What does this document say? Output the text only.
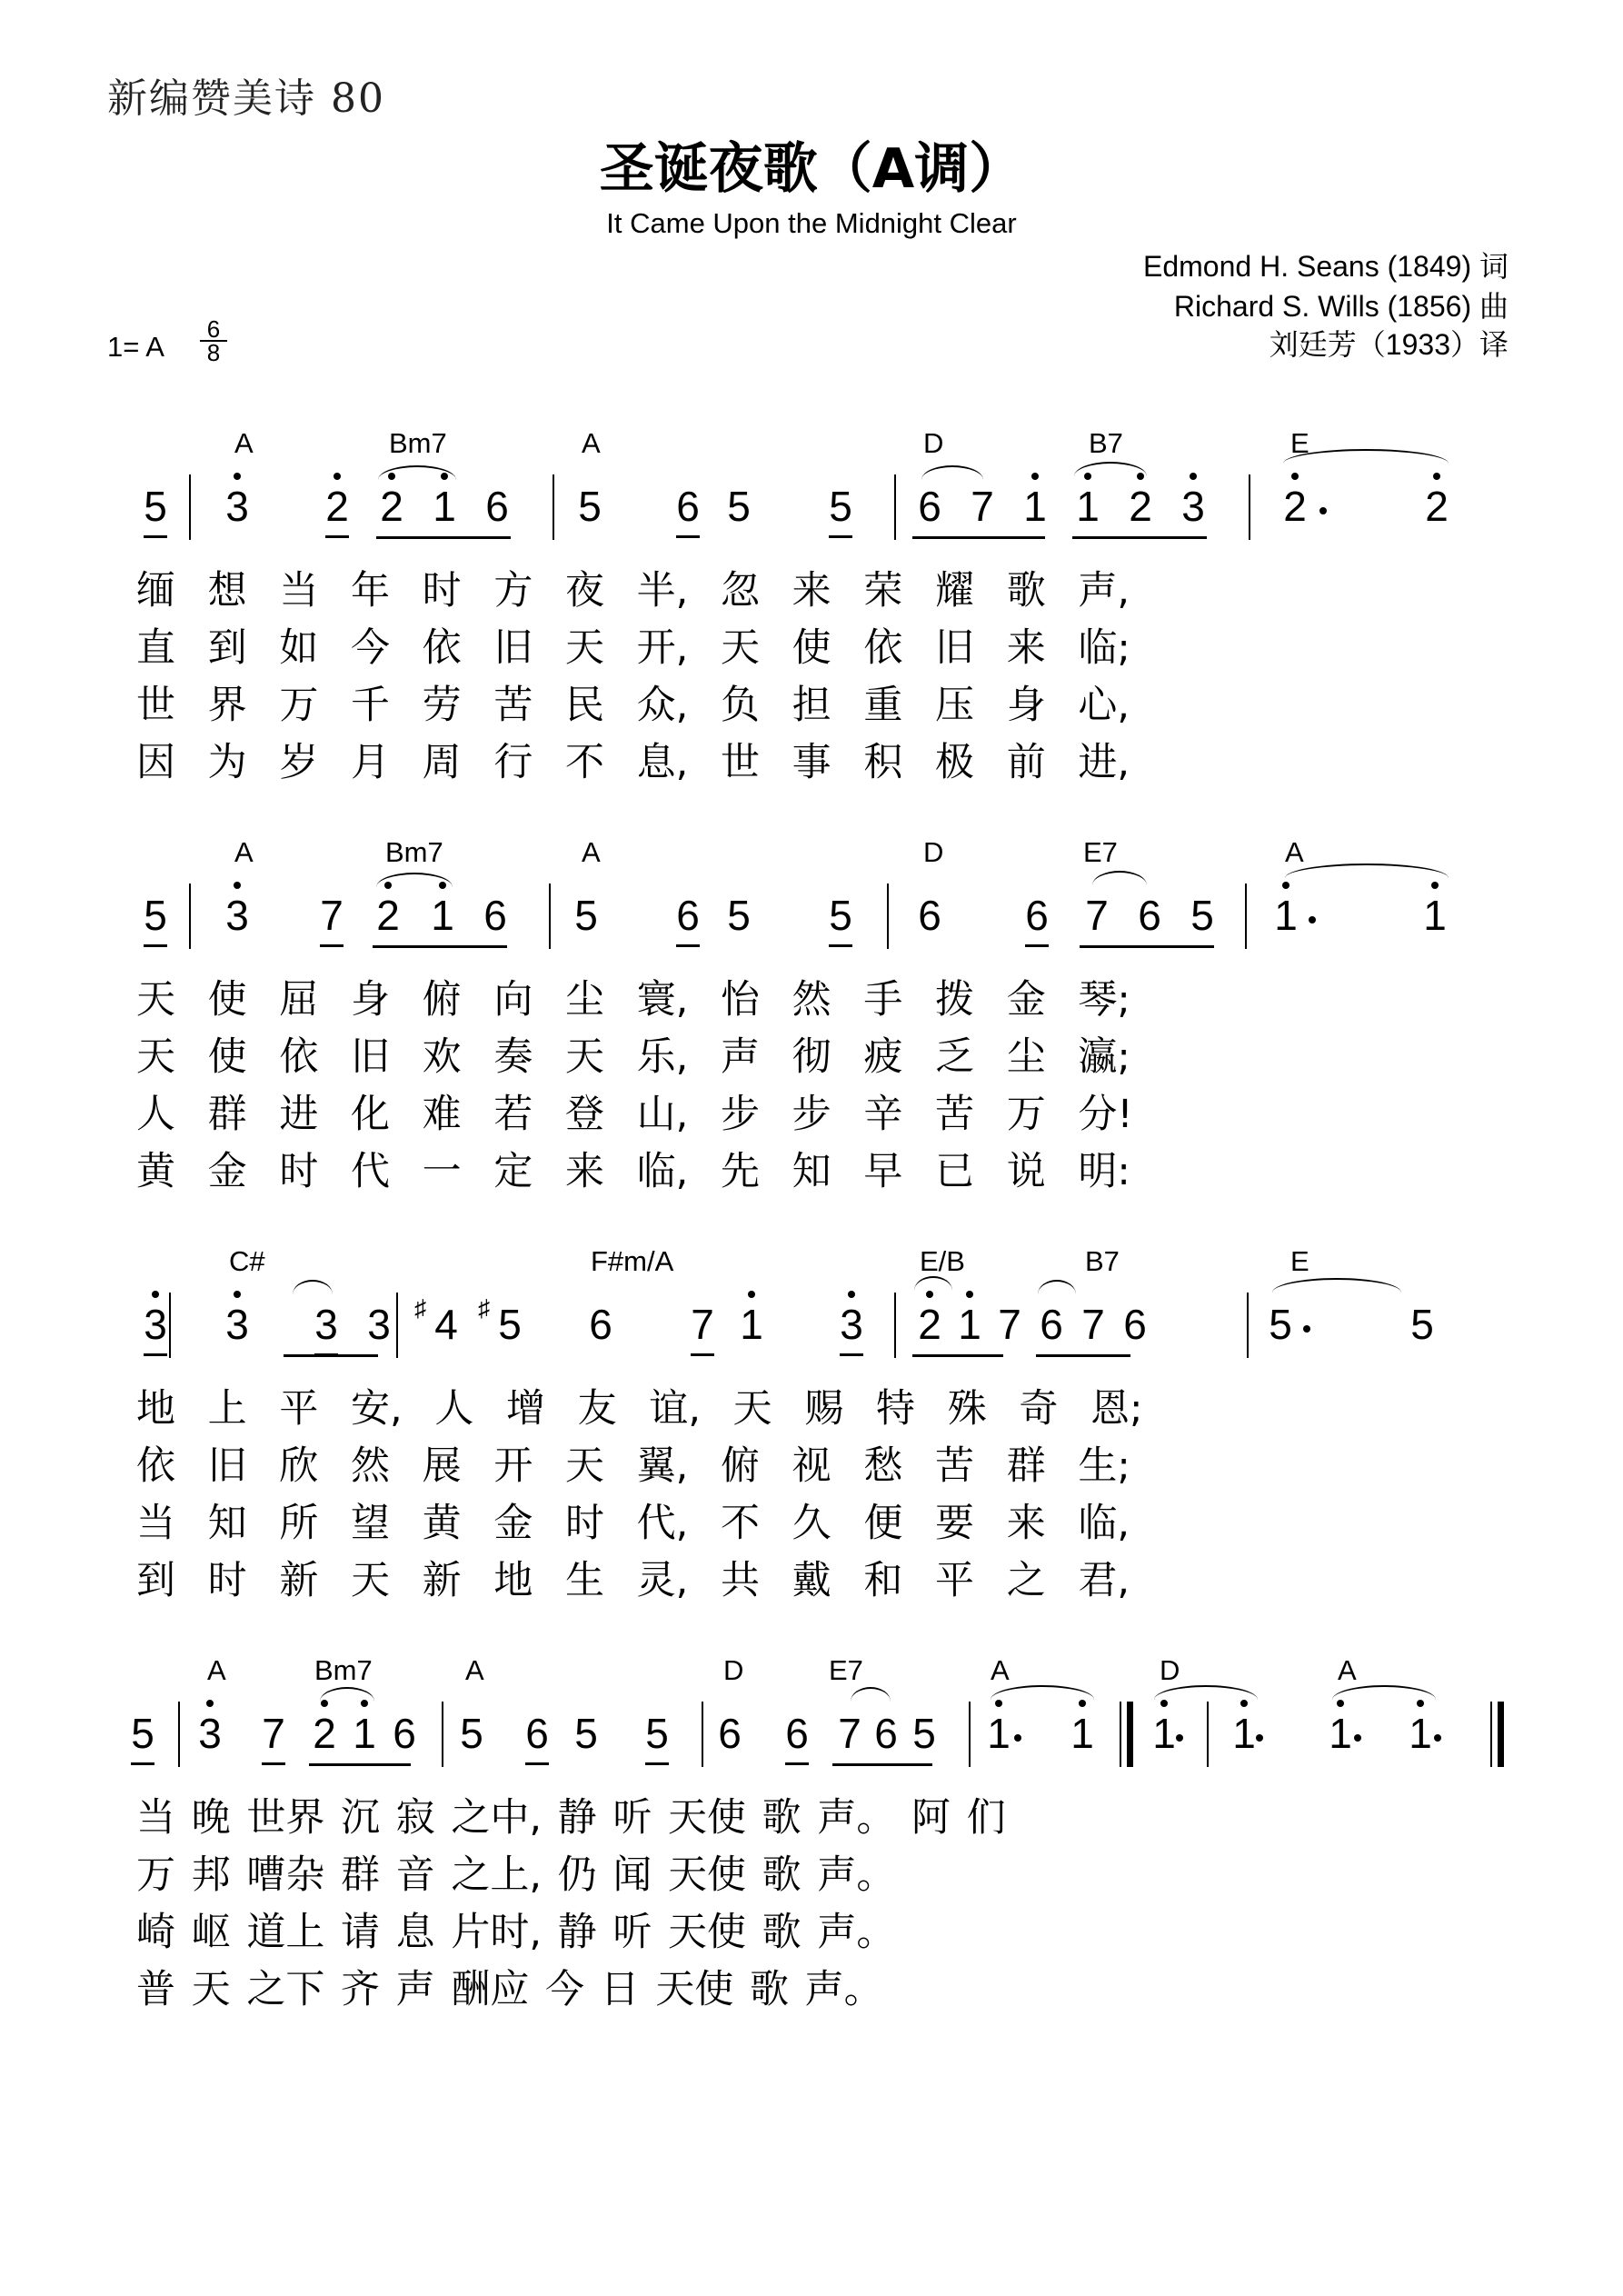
新编赞美诗 80
圣诞夜歌（A调）
It Came Upon the Midnight Clear
Edmond H. Seans (1849) 词
Richard S. Wills (1856) 曲
刘廷芳（1933）译
1= A $\frac{6}{8}$
A	Bm7	A	D	B7	E
5 3 2 2 1 6 5 6 5 5 6 7 1 1 2 3 2	2
缅 想 当 年 时 方 夜 半, 忽 来 荣 耀 歌 声,
直 到 如 今 依 旧 天 开, 天 使 依 旧 来 临;
世 界 万 千 劳 苦 民 众, 负 担 重 压 身 心,
因 为 岁 月 周 行 不 息, 世 事 积 极 前 进,
A	Bm7	A	D	E7	A
5 3 7 2 1 6 5 6 5 5 6 6 7 6 5 1	1
天 使 屈 身 俯 向 尘 寰, 怡 然 手 拨 金 琴;
天 使 依 旧 欢 奏 天 乐, 声 彻 疲 乏 尘 瀛;
人 群 进 化 难 若 登 山, 步 步 辛 苦 万 分!
黄 金 时 代 一 定 来 临, 先 知 早 已 说 明:
C#	F#m/A	E/B	B7	E
3 3 3 3 4
♯ 5
♯ 6 7 1 3 2 1 7 6 7 6	5	5
地 上 平 安, 人 增 友 谊, 天 赐 特 殊 奇 恩;
依 旧 欣 然 展 开 天 翼, 俯 视 愁 苦 群 生;
当 知 所 望 黄 金 时 代, 不 久 便 要 来 临,
到 时 新 天 新 地 生 灵, 共 戴 和 平 之 君,
A	Bm7	A	D	E7	A	D	A
5 3 7 2 1 6 5 6 5 5 6 6 7 6 5 1 1 1 1 1 1
当 晚 世界 沉 寂 之中, 静 听 天使 歌 声。 阿 们
万 邦 嘈杂 群 音 之上, 仍 闻 天使 歌 声。
崎 岖 道上 请 息 片时, 静 听 天使 歌 声。
普 天 之下 齐 声 酬应 今 日 天使 歌 声。
